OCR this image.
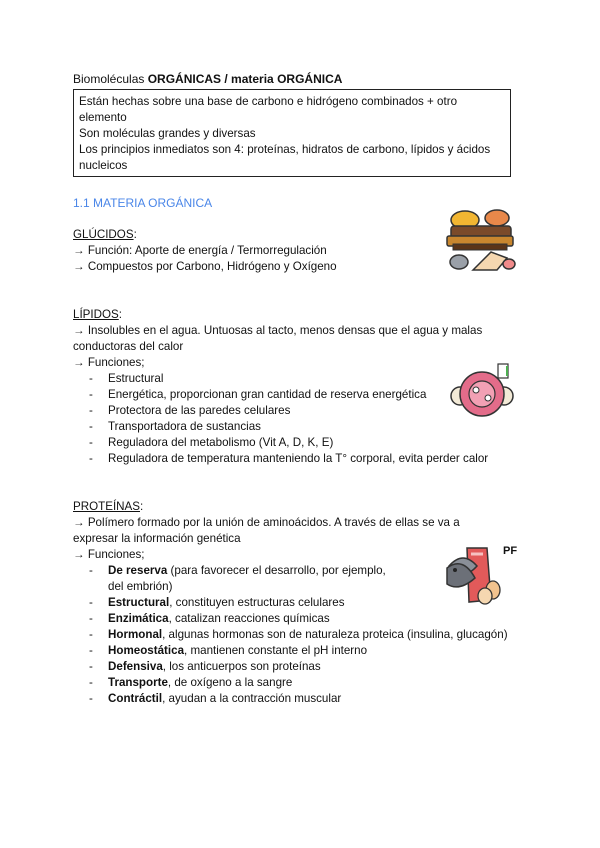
Biomoléculas ORGÁNICAS / materia ORGÁNICA
Están hechas sobre una base de carbono e hidrógeno combinados + otro
elemento
Son moléculas grandes y diversas
Los principios inmediatos son 4: proteínas, hidratos de carbono, lípidos y ácidos
nucleicos
1.1 MATERIA ORGÁNICA
GLÚCIDOS:
→ Función: Aporte de energía / Termorregulación
→ Compuestos por Carbono, Hidrógeno y Oxígeno
LÍPIDOS:
→ Insolubles en el agua. Untuosas al tacto, menos densas que el agua y malas
conductoras del calor
→ Funciones;
- Estructural
- Energética, proporcionan gran cantidad de reserva energética
- Protectora de las paredes celulares
- Transportadora de sustancias
- Reguladora del metabolismo (Vit A, D, K, E)
- Reguladora de temperatura manteniendo la T° corporal, evita perder calor
PROTEÍNAS:
→ Polímero formado por la unión de aminoácidos. A través de ellas se va a
expresar la información genética
→ Funciones;
- De reserva (para favorecer el desarrollo, por ejemplo,
del embrión)
- Estructural, constituyen estructuras celulares
- Enzimática, catalizan reacciones químicas
- Hormonal, algunas hormonas son de naturaleza proteica (insulina, glucagón)
- Homeostática, mantienen constante el pH interno
- Defensiva, los anticuerpos son proteínas
- Transporte, de oxígeno a la sangre
- Contráctil, ayudan a la contracción muscular
PF
